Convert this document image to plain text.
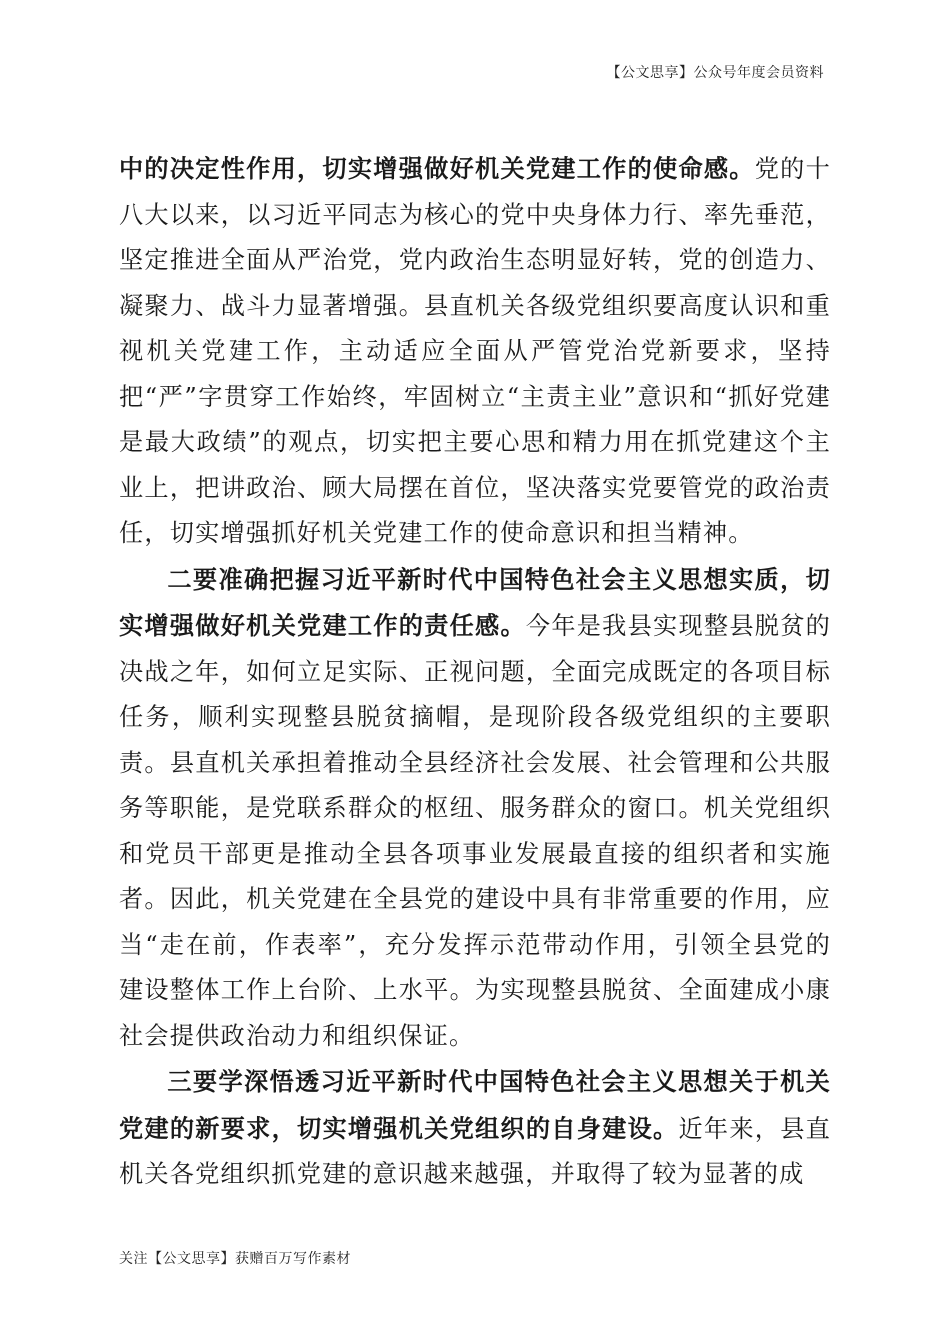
【公文思享】公众号年度会员资料

中的决定性作用，切实增强做好机关党建工作的使命感。党的十八大以来，以习近平同志为核心的党中央身体力行、率先垂范，坚定推进全面从严治党，党内政治生态明显好转，党的创造力、凝聚力、战斗力显著增强。县直机关各级党组织要高度认识和重视机关党建工作，主动适应全面从严管党治党新要求，坚持把“严”字贯穿工作始终，牢固树立“主责主业”意识和“抓好党建是最大政绩”的观点，切实把主要心思和精力用在抓党建这个主业上，把讲政治、顾大局摆在首位，坚决落实党要管党的政治责任，切实增强抓好机关党建工作的使命意识和担当精神。

二要准确把握习近平新时代中国特色社会主义思想实质，切实增强做好机关党建工作的责任感。今年是我县实现整县脱贫的决战之年，如何立足实际、正视问题，全面完成既定的各项目标任务，顺利实现整县脱贫摘帽，是现阶段各级党组织的主要职责。县直机关承担着推动全县经济社会发展、社会管理和公共服务等职能，是党联系群众的枢纽、服务群众的窗口。机关党组织和党员干部更是推动全县各项事业发展最直接的组织者和实施者。因此，机关党建在全县党的建设中具有非常重要的作用，应当“走在前，作表率”，充分发挥示范带动作用，引领全县党的建设整体工作上台阶、上水平。为实现整县脱贫、全面建成小康社会提供政治动力和组织保证。

三要学深悟透习近平新时代中国特色社会主义思想关于机关党建的新要求，切实增强机关党组织的自身建设。近年来，县直机关各党组织抓党建的意识越来越强，并取得了较为显著的成

关注【公文思享】获赠百万写作素材
